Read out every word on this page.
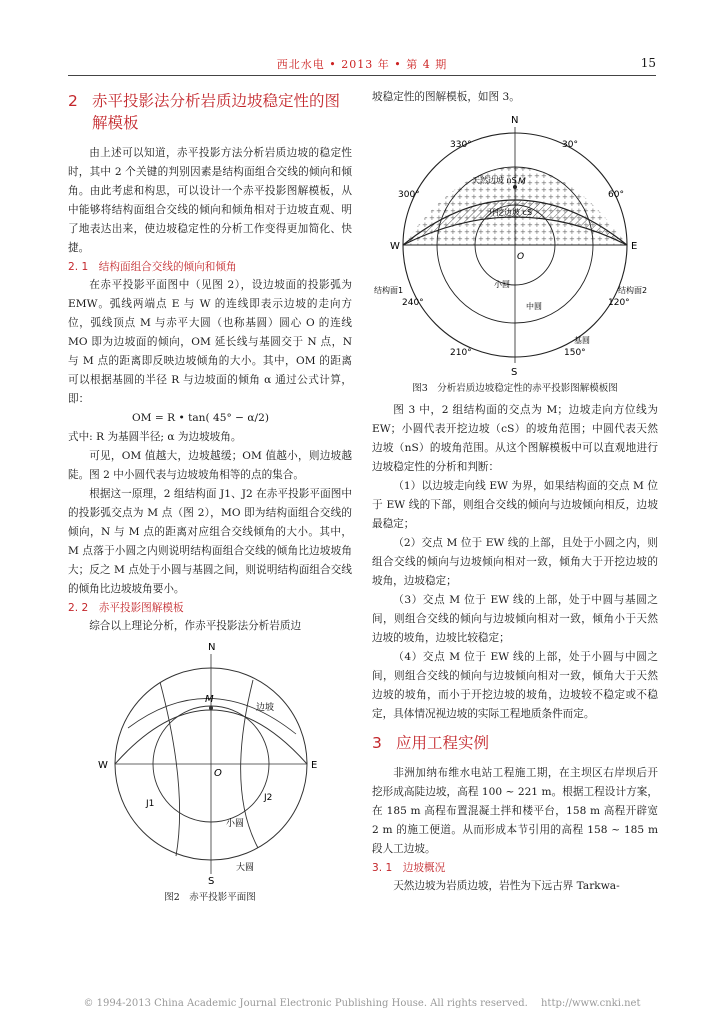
西北水电 • 2013 年 • 第 4 期	15
2 赤平投影法分析岩质边坡稳定性的图解模板

由上述可以知道，赤平投影方法分析岩质边坡的稳定性时，其中 2 个关键的判别因素是结构面组合交线的倾向和倾角。由此考虑和构思，可以设计一个赤平投影图解模板，从中能够将结构面组合交线的倾向和倾角相对于边坡直观、明了地表达出来，使边坡稳定性的分析工作变得更加简化、快捷。

2. 1　结构面组合交线的倾向和倾角

在赤平投影平面图中（见图 2），设边坡面的投影弧为 EMW。弧线两端点 E 与 W 的连线即表示边坡的走向方位，弧线顶点 M 与赤平大圆（也称基圆）圆心 O 的连线 MO 即为边坡面的倾向，OM 延长线与基圆交于 N 点，N 与 M 点的距离即反映边坡倾角的大小。其中，OM 的距离可以根据基圆的半径 R 与边坡面的倾角 α 通过公式计算，即：

OM = R • tan( 45° − α/2)

式中: R 为基圆半径; α 为边坡坡角。

可见，OM 值越大，边坡越缓；OM 值越小，则边坡越陡。图 2 中小圆代表与边坡坡角相等的点的集合。

根据这一原理，2 组结构面 J1、J2 在赤平投影平面图中的投影弧交点为 M 点（图 2），MO 即为结构面组合交线的倾向，N 与 M 点的距离对应组合交线倾角的大小。其中，M 点落于小圆之内则说明结构面组合交线的倾角比边坡坡角大；反之 M 点处于小圆与基圆之间，则说明结构面组合交线的倾角比边坡坡角要小。

2. 2　赤平投影图解模板

综合以上理论分析，作赤平投影法分析岩质边

N
S
W	E
O
M
边坡
J1
J2
小圆
大圆

图2　赤平投影平面图

坡稳定性的图解模板，如图 3。

N
S
W	E
O
M
330°	30°
300°	60°
240°	120°
210°	150°
天然边坡 nS
开挖边坡 cS
小圆
中圆
基圆
结构面1	结构面2

图3　分析岩质边坡稳定性的赤平投影图解模板图

图 3 中，2 组结构面的交点为 M；边坡走向方位线为 EW；小圆代表开挖边坡（cS）的坡角范围；中圆代表天然边坡（nS）的坡角范围。从这个图解模板中可以直观地进行边坡稳定性的分析和判断：

（1）以边坡走向线 EW 为界，如果结构面的交点 M 位于 EW 线的下部，则组合交线的倾向与边坡倾向相反，边坡最稳定；

（2）交点 M 位于 EW 线的上部，且处于小圆之内，则组合交线的倾向与边坡倾向相对一致，倾角大于开挖边坡的坡角，边坡稳定；

（3）交点 M 位于 EW 线的上部，处于中圆与基圆之间，则组合交线的倾向与边坡倾向相对一致，倾角小于天然边坡的坡角，边坡比较稳定；

（4）交点 M 位于 EW 线的上部，处于小圆与中圆之间，则组合交线的倾向与边坡倾向相对一致，倾角大于天然边坡的坡角，而小于开挖边坡的坡角，边坡较不稳定或不稳定，具体情况视边坡的实际工程地质条件而定。

3 应用工程实例

非洲加纳布维水电站工程施工期，在主坝区右岸坝后开挖形成高陡边坡，高程 100 ~ 221 m。根据工程设计方案，在 185 m 高程布置混凝土拌和楼平台，158 m 高程开辟宽 2 m 的施工便道。从而形成本节引用的高程 158 ~ 185 m 段人工边坡。

3. 1　边坡概况

天然边坡为岩质边坡，岩性为下远古界 Tarkwa-

© 1994-2013 China Academic Journal Electronic Publishing House. All rights reserved.　 http://www.cnki.net
